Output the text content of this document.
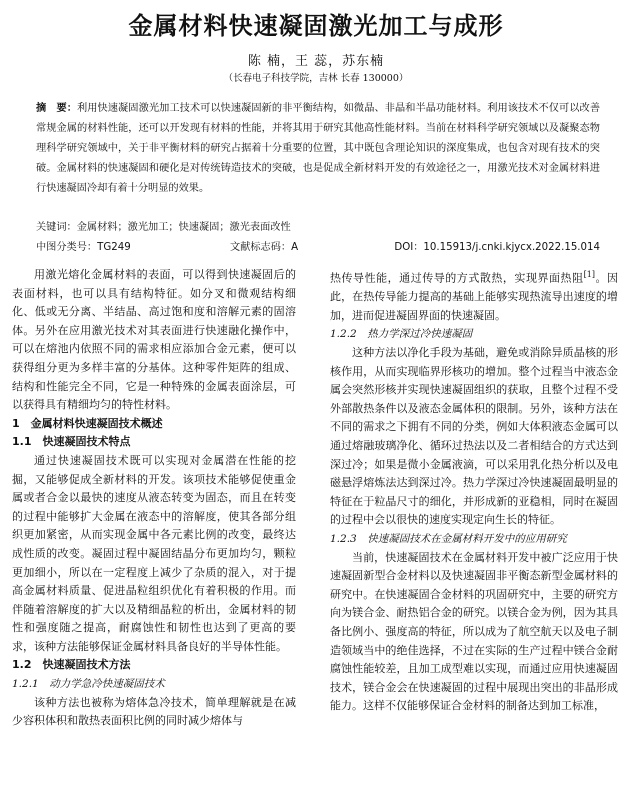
金属材料快速凝固激光加工与成形
陈 楠，王 蕊，苏东楠
（长春电子科技学院，吉林 长春 130000）
摘　要：利用快速凝固激光加工技术可以快速凝固新的非平衡结构，如微晶、非晶和半晶功能材料。利用该技术不仅可以改善常规金属的材料性能，还可以开发现有材料的性能，并将其用于研究其他高性能材料。当前在材料科学研究领域以及凝聚态物理科学研究领域中，关于非平衡材料的研究占据着十分重要的位置，其中既包含理论知识的深度集成，也包含对现有技术的突破。金属材料的快速凝固和硬化是对传统铸造技术的突破，也是促成全新材料开发的有效途径之一，用激光技术对金属材料进行快速凝固冷却有着十分明显的效果。
关键词：金属材料；激光加工；快速凝固；激光表面改性
中图分类号：TG249	文献标志码：A	DOI：10.15913/j.cnki.kjycx.2022.15.014

用激光熔化金属材料的表面，可以得到快速凝固后的表面材料，也可以具有结构特征。如分叉和微观结构细化、低或无分离、半结晶、高过饱和度和溶解元素的固溶体。另外在应用激光技术对其表面进行快速融化操作中，可以在熔池内依照不同的需求相应添加合金元素，便可以获得组分更为多样丰富的分基体。这种零件矩阵的组成、结构和性能完全不同，它是一种特殊的金属表面涂层，可以获得具有精细均匀的特性材料。

1　金属材料快速凝固技术概述
1.1　快速凝固技术特点

通过快速凝固技术既可以实现对金属潜在性能的挖掘，又能够促成全新材料的开发。该项技术能够促使重金属或者合金以最快的速度从液态转变为固态，而且在转变的过程中能够扩大金属在液态中的溶解度，使其各部分组织更加紧密，从而实现金属中各元素比例的改变，最终达成性质的改变。凝固过程中凝固结晶分布更加均匀，颗粒更加细小，所以在一定程度上减少了杂质的混入，对于提高金属材料质量、促进晶粒组织优化有着积极的作用。而伴随着溶解度的扩大以及精细晶粒的析出，金属材料的韧性和强度随之提高，耐腐蚀性和韧性也达到了更高的要求，该种方法能够保证金属材料具备良好的半导体性能。

1.2　快速凝固技术方法
1.2.1　动力学急冷快速凝固技术

该种方法也被称为熔体急冷技术，简单理解就是在减少容积体积和散热表面积比例的同时减少熔体与

热传导性能，通过传导的方式散热，实现界面热阻[1]。因此，在热传导能力提高的基础上能够实现热流导出速度的增加，进而促进凝固界面的快速凝固。

1.2.2　热力学深过冷快速凝固

这种方法以净化手段为基础，避免或消除异质晶核的形核作用，从而实现临界形核功的增加。整个过程当中液态金属会突然形核并实现快速凝固组织的获取，且整个过程不受外部散热条件以及液态金属体积的限制。另外，该种方法在不同的需求之下拥有不同的分类，例如大体积液态金属可以通过熔融玻璃净化、循环过热法以及二者相结合的方式达到深过冷；如果是微小金属液滴，可以采用乳化热分析以及电磁悬浮熔炼法达到深过冷。热力学深过冷快速凝固最明显的特征在于粒晶尺寸的细化，并形成新的亚稳相，同时在凝固的过程中会以很快的速度实现定向生长的特征。

1.2.3　快速凝固技术在金属材料开发中的应用研究

当前，快速凝固技术在金属材料开发中被广泛应用于快速凝固新型合金材料以及快速凝固非平衡态新型金属材料的研究中。在快速凝固合金材料的巩固研究中，主要的研究方向为镁合金、耐热铝合金的研究。以镁合金为例，因为其具备比例小、强度高的特征，所以成为了航空航天以及电子制造领域当中的绝佳选择，不过在实际的生产过程中镁合金耐腐蚀性能较差，且加工成型难以实现，而通过应用快速凝固技术，镁合金会在快速凝固的过程中展现出突出的非晶形成能力。这样不仅能够保证合金材料的制备达到加工标准，
